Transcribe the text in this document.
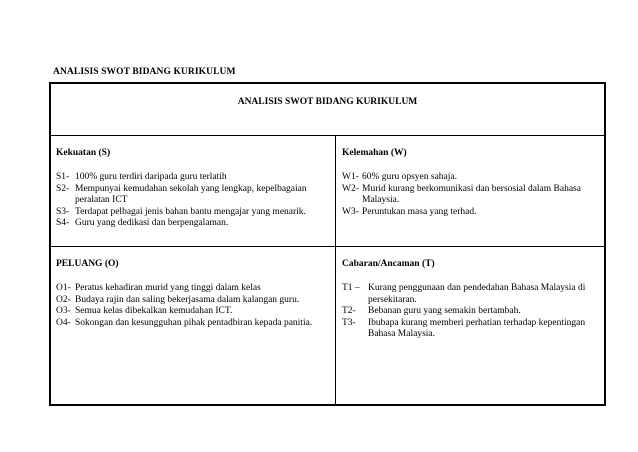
ANALISIS SWOT BIDANG KURIKULUM
ANALISIS SWOT BIDANG KURIKULUM
Kekuatan (S)
S1- 100% guru terdiri daripada guru terlatih
S2- Mempunyai kemudahan sekolah yang lengkap, kepelbagaian peralatan ICT
S3- Terdapat pelbagai jenis bahan bantu mengajar yang menarik.
S4- Guru yang dedikasi dan berpengalaman.
Kelemahan (W)
W1- 60% guru opsyen sahaja.
W2- Murid kurang berkomunikasi dan bersosial dalam Bahasa Malaysia.
W3- Peruntukan masa yang terhad.
PELUANG (O)
O1- Peratus kehadiran murid yang tinggi dalam kelas
O2- Budaya rajin dan saling bekerjasama dalam kalangan guru.
O3- Semua kelas dibekalkan kemudahan ICT.
O4- Sokongan dan kesungguhan pihak pentadbiran kepada panitia.
Cabaran/Ancaman (T)
T1 – Kurang penggunaan dan pendedahan Bahasa Malaysia di persekitaran.
T2-	Bebanan guru yang semakin bertambah.
T3-	Ibubapa kurang memberi perhatian terhadap kepentingan Bahasa Malaysia.
